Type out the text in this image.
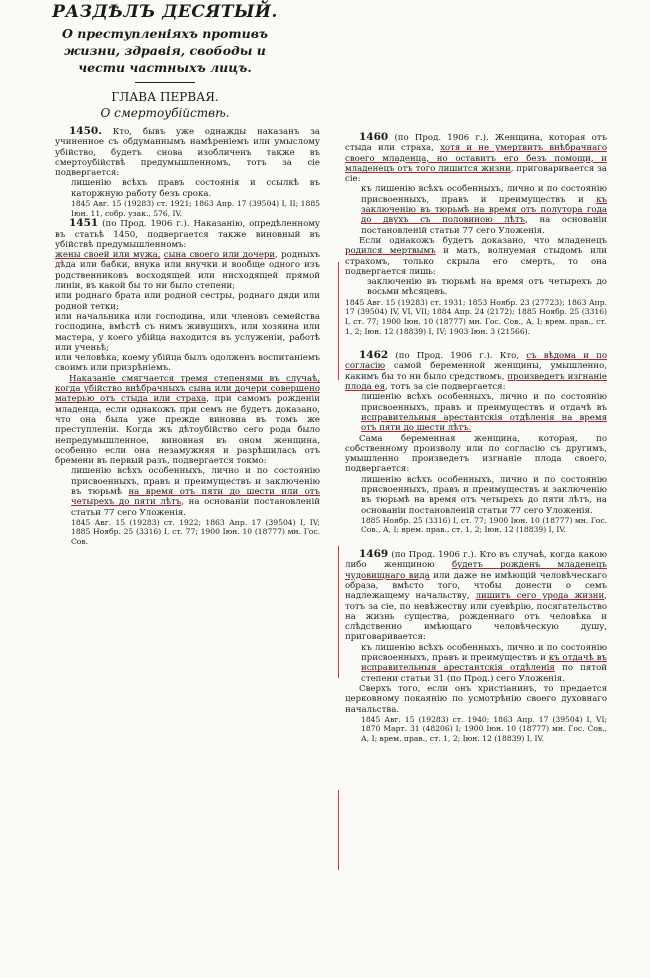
РАЗДѢЛЪ ДЕСЯТЫЙ.

О преступленіяхъ противъ жизни, здравія, свободы и чести частныхъ лицъ.

ГЛАВА ПЕРВАЯ.

О смертоубійствѣ.

1450. Кто, бывъ уже однажды наказанъ за учиненное съ обдуманнымъ намѣреніемъ или умыслому убійство, будетъ снова изобличенъ также въ смертоубійствѣ предумышленномъ, тотъ за сіе подвергается:

лишенію всѣхъ правъ состоянія и ссылкѣ въ каторжную работу безъ срока.

1845 Авг. 15 (19283) ст. 1921; 1863 Апр. 17 (39504) I, II; 1885 Іюн. 11, собр. узак., 576, IV.

1451 (по Прод. 1906 г.). Наказанію, опредѣленному въ статьѣ 1450, подвергается также виновный въ убійствѣ предумышленномъ:

жены своей или мужа, сына своего или дочери, родныхъ дѣда или бабки, внука или внучки и вообще одного изъ родственниковъ восходящей или нисходящей прямой линіи, въ какой бы то ни было степени;

или роднаго брата или родной сестры, роднаго дяди или родной тетки;

или начальника или господина, или членовъ семейства господина, вмѣстѣ съ нимъ живущихъ, или хозяина или мастера, у коего убійца находится въ услуженіи, работѣ или ученьѣ;

или человѣка, коему убійца былъ одолженъ воспитаніемъ своимъ или призрѣніемъ.

Наказаніе смягчается тремя степенями въ случаѣ, когда убійство внѣбрачныхъ сына или дочери совершено матерью отъ стыда или страха, при самомъ рожденіи младенца, если однакожъ при семъ не будетъ доказано, что она была уже прежде виновна въ томъ же преступленіи. Когда жъ дѣтоубійство сего рода было непредумышленное, виновная въ оном женщина, особенно если она незамужняя и разрѣшилась отъ бремени въ первый разъ, подвергается токмо:

лишенію всѣхъ особенныхъ, лично и по состоянію присвоенныхъ, правъ и преимуществъ и заключенію въ тюрьмѣ на время отъ пяти до шести или отъ четырехъ до пяти лѣтъ, на основаніи постановленій статьи 77 сего Уложенія.

1845 Авг. 15 (19283) ст. 1922; 1863 Апр. 17 (39504) I, IV; 1885 Ноябр. 25 (3316) I, ст. 77; 1900 Іюн. 10 (18777) мн. Гос. Сов.

1460 (по Прод. 1906 г.). Женщина, которая отъ стыда или страха, хотя и не умертвитъ внѣбрачнаго своего младенца, но оставитъ его безъ помощи, и младенецъ отъ того лишится жизни, приговаривается за сіе:

къ лишенію всѣхъ особенныхъ, лично и по состоянію присвоенныхъ, правъ и преимуществъ и къ заключенію въ тюрьмѣ на время отъ полутора года до двухъ съ половиною лѣтъ, на основаніи постановленій статьи 77 сего Уложенія.

Если однакожъ будетъ доказано, что младенецъ родился мертвымъ и мать, волнуемая стыдомъ или страхомъ, только скрыла его смерть, то она подвергается лишь:

заключенію въ тюрьмѣ на время отъ четырехъ до восьми мѣсяцевъ.

1845 Авг. 15 (19283) ст. 1931; 1853 Ноябр. 23 (27723); 1863 Апр. 17 (39504) IV, VI, VII; 1884 Апр. 24 (2172); 1885 Ноябр. 25 (3316) I, ст. 77; 1900 Іюн. 10 (18777) мн. Гос. Сов., А, I; врем. прав., ст. 1, 2; Іюн. 12 (18839) I, IV; 1903 Іюн. 3 (21566).

1462 (по Прод. 1906 г.). Кто, съ вѣдома и по согласію самой беременной женщины, умышленно, какимъ бы то ни было средствомъ, произведетъ изгнаніе плода ея, тотъ за сіе подвергается:

лишенію всѣхъ особенныхъ, лично и по состоянію присвоенныхъ, правъ и преимуществъ и отдачѣ въ исправительныя арестантскія отдѣленія на время отъ пяти до шести лѣтъ.

Сама беременная женщина, которая, по собственному произволу или по согласію съ другимъ, умышленно произведетъ изгнаніе плода своего, подвергается:

лишенію всѣхъ особенныхъ, лично и по состоянію присвоенныхъ, правъ и преимуществъ и заключенію въ тюрьмѣ на время отъ четырехъ до пяти лѣтъ, на основаніи постановленій статьи 77 сего Уложенія.

1885 Ноябр. 25 (3316) I, ст. 77; 1900 Іюн. 10 (18777) мн. Гос. Сов., А, I; врем. прав., ст. 1, 2; Іюн. 12 (18839) I, IV.

1469 (по Прод. 1906 г.). Кто въ случаѣ, когда какою либо женщиною будетъ рожденъ младенецъ чудовищнаго вида или даже не имѣющій человѣческаго образа, вмѣсто того, чтобы донести о семъ надлежащему начальству, лишитъ сего урода жизни, тотъ за сіе, по невѣжеству или суевѣрію, посягательство на жизнь существа, рожденнаго отъ человѣка и слѣдственно имѣющаго человѣческую душу, приговаривается:

къ лишенію всѣхъ особенныхъ, лично и по состоянію присвоенныхъ, правъ и преимуществъ и къ отдачѣ въ исправительныя арестантскія отдѣленія по пятой степени статьи 31 (по Прод.) сего Уложенія.

Сверхъ того, если онъ христіанинъ, то предается церковному покаянію по усмотрѣнію своего духовнаго начальства.

1845 Авг. 15 (19283) ст. 1940; 1863 Апр. 17 (39504) I, VI; 1870 Март. 31 (48206) I; 1900 Іюн. 10 (18777) мн. Гос. Сов., А, I; врем. прав., ст. 1, 2; Іюн. 12 (18839) I, IV.
